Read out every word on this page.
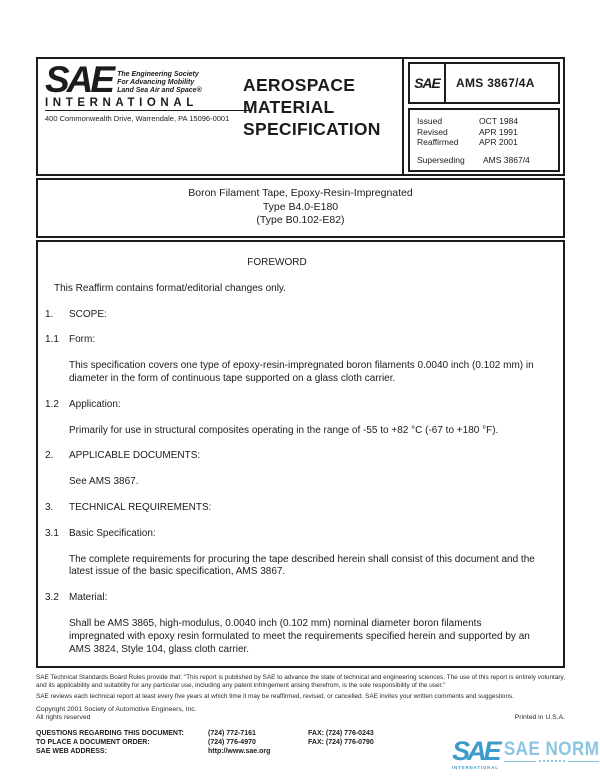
SAE The Engineering Society
For Advancing Mobility
Land Sea Air and Space®
INTERNATIONAL
400 Commonwealth Drive, Warrendale, PA 15096-0001
AEROSPACE
MATERIAL
SPECIFICATION
SAE	AMS 3867/4A
Issued	OCT 1984
Revised	APR 1991
Reaffirmed APR 2001
Superseding AMS 3867/4
Boron Filament Tape, Epoxy-Resin-Impregnated
Type B4.0-E180
(Type B0.102-E82)
FOREWORD
This Reaffirm contains format/editorial changes only.
1.	SCOPE:
1.1	Form:
This specification covers one type of epoxy-resin-impregnated boron filaments 0.0040 inch (0.102 mm) in diameter in the form of continuous tape supported on a glass cloth carrier.
1.2	Application:
Primarily for use in structural composites operating in the range of -55 to +82 °C (-67 to +180 °F).
2.	APPLICABLE DOCUMENTS:
See AMS 3867.
3.	TECHNICAL REQUIREMENTS:
3.1	Basic Specification:
The complete requirements for procuring the tape described herein shall consist of this document and the latest issue of the basic specification, AMS 3867.
3.2	Material:
Shall be AMS 3865, high-modulus, 0.0040 inch (0.102 mm) nominal diameter boron filaments impregnated with epoxy resin formulated to meet the requirements specified herein and supported by an AMS 3824, Style 104, glass cloth carrier.
SAE Technical Standards Board Rules provide that: "This report is published by SAE to advance the state of technical and engineering sciences. The use of this report is entirely voluntary, and its applicability and suitability for any particular use, including any patent infringement arising therefrom, is the sole responsibility of the user."
SAE reviews each technical report at least every five years at which time it may be reaffirmed, revised, or cancelled. SAE invites your written comments and suggestions.
Copyright 2001 Society of Automotive Engineers, Inc.
All rights reserved	Printed in U.S.A.
QUESTIONS REGARDING THIS DOCUMENT:	(724) 772-7161	FAX: (724) 776-0243
TO PLACE A DOCUMENT ORDER:	(724) 776-4970	FAX: (724) 776-0790
SAE WEB ADDRESS:	http://www.sae.org	SAE
INTERNATIONAL
SAE NORM
